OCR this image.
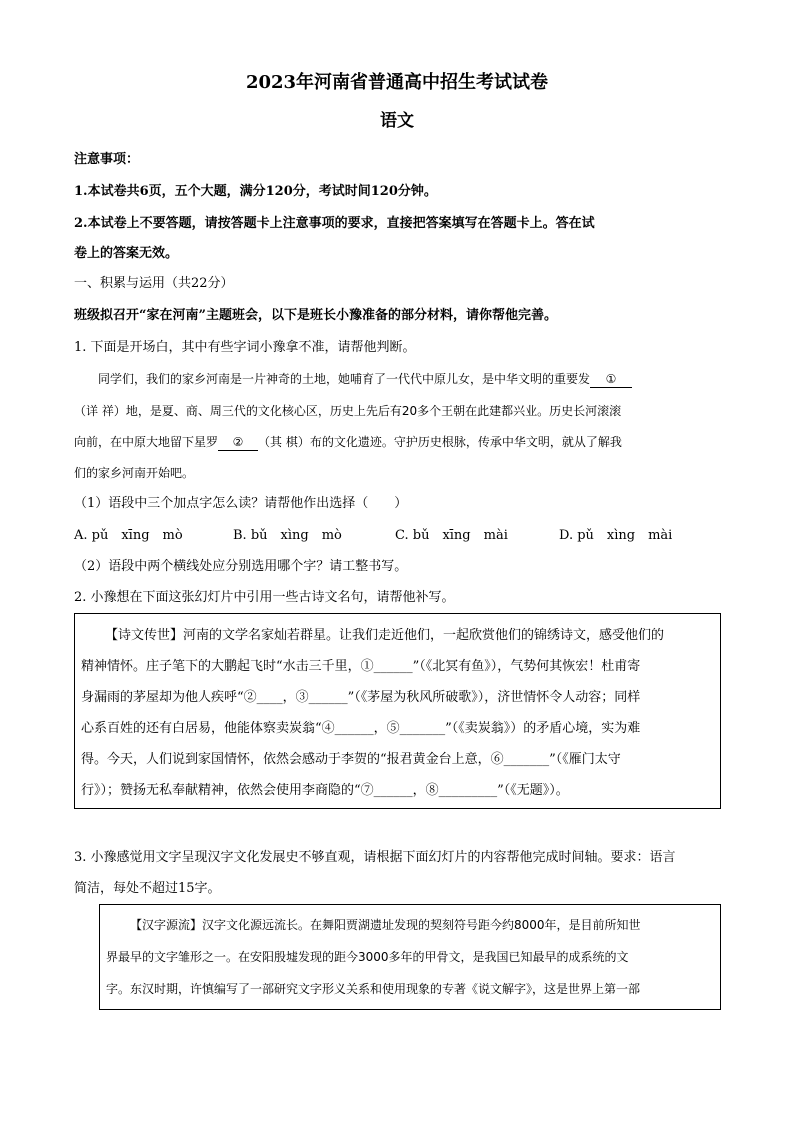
2023年河南省普通高中招生考试试卷
语文
注意事项：
1.本试卷共6页，五个大题，满分120分，考试时间120分钟。
2.本试卷上不要答题，请按答题卡上注意事项的要求，直接把答案填写在答题卡上。答在试
卷上的答案无效。
一、积累与运用（共22分）
班级拟召开“家在河南”主题班会，以下是班长小豫准备的部分材料，请你帮他完善。
1. 下面是开场白，其中有些字词小豫拿不准，请帮他判断。
同学们，我们的家乡河南是一片神奇的土地，她哺育了一代代中原儿女，是中华文明的重要发 ①
（详 祥）地，是夏、商、周三代的文化核心区，历史上先后有20多个王朝在此建都兴业。历史长河滚滚
向前，在中原大地留下星罗 ② （其 棋）布的文化遗迹。守护历史根脉，传承中华文明，就从了解我
们的家乡河南开始吧。
（1）语段中三个加点字怎么读？请帮他作出选择（　　）
A. pǔ　xīng　mò	B. bǔ　xìng　mò	C. bǔ　xīng　mài	D. pǔ　xìng　mài
（2）语段中两个横线处应分别选用哪个字？请工整书写。
2. 小豫想在下面这张幻灯片中引用一些古诗文名句，请帮他补写。
【诗文传世】河南的文学名家灿若群星。让我们走近他们，一起欣赏他们的锦绣诗文，感受他们的
精神情怀。庄子笔下的大鹏起飞时“水击三千里，①______”（《北冥有鱼》），气势何其恢宏！杜甫寄
身漏雨的茅屋却为他人疾呼“②____，③______”（《茅屋为秋风所破歌》），济世情怀令人动容；同样
心系百姓的还有白居易，他能体察卖炭翁“④______，⑤_______”（《卖炭翁》）的矛盾心境，实为难
得。今天，人们说到家国情怀，依然会感动于李贺的“报君黄金台上意，⑥_______”（《雁门太守
行》）；赞扬无私奉献精神，依然会使用李商隐的“⑦______，⑧_________”（《无题》）。
3. 小豫感觉用文字呈现汉字文化发展史不够直观，请根据下面幻灯片的内容帮他完成时间轴。要求：语言
简洁，每处不超过15字。
【汉字源流】汉字文化源远流长。在舞阳贾湖遗址发现的契刻符号距今约8000年，是目前所知世
界最早的文字雏形之一。在安阳殷墟发现的距今3000多年的甲骨文，是我国已知最早的成系统的文
字。东汉时期，许慎编写了一部研究文字形义关系和使用现象的专著《说文解字》，这是世界上第一部
